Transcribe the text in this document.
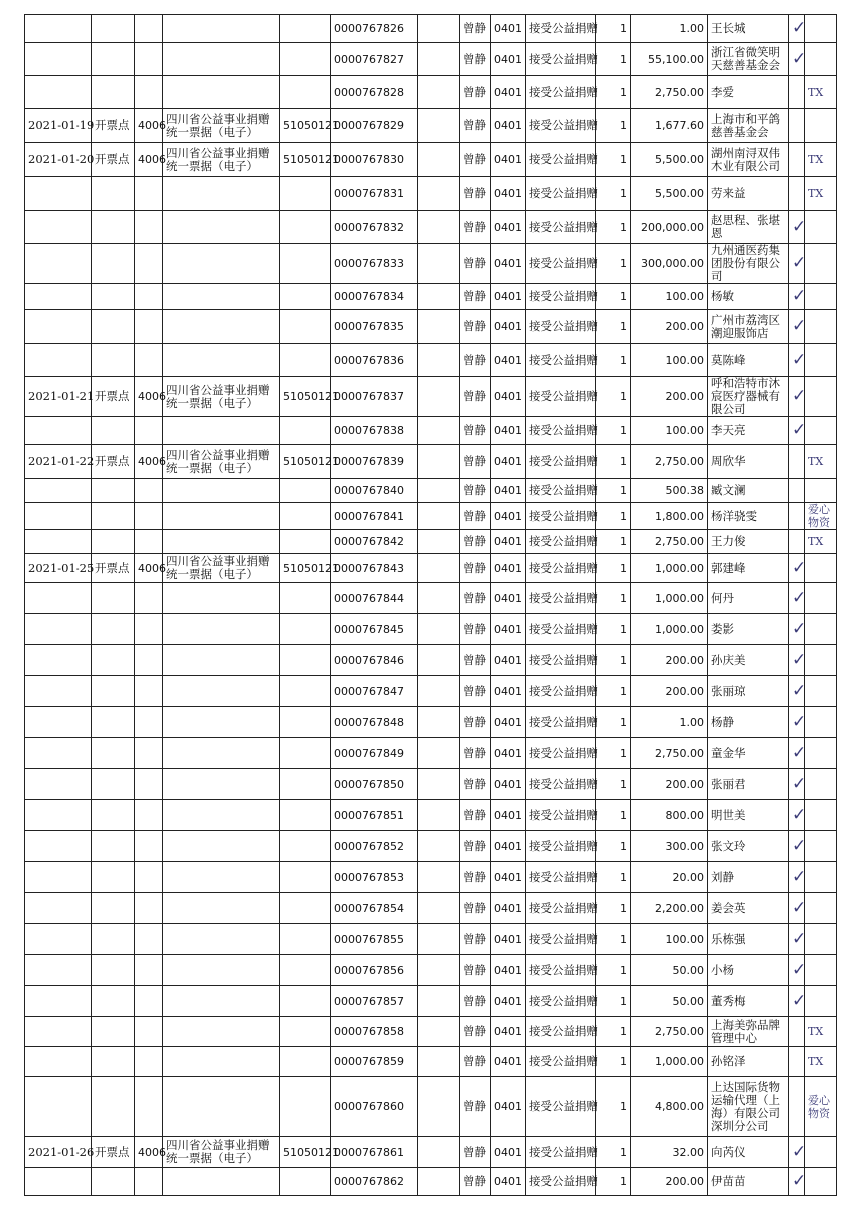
					0000767826		曾静	0401	接受公益捐赠	1	1.00	王长城	✓	
					0000767827		曾静	0401	接受公益捐赠	1	55,100.00	浙江省微笑明天慈善基金会	✓	
					0000767828		曾静	0401	接受公益捐赠	1	2,750.00	李爱		TX
2021-01-19	开票点	4006	四川省公益事业捐赠统一票据（电子）	51050121	0000767829		曾静	0401	接受公益捐赠	1	1,677.60	上海市和平鸽慈善基金会		
2021-01-20	开票点	4006	四川省公益事业捐赠统一票据（电子）	51050121	0000767830		曾静	0401	接受公益捐赠	1	5,500.00	湖州南浔双伟木业有限公司		TX
					0000767831		曾静	0401	接受公益捐赠	1	5,500.00	劳来益		TX
					0000767832		曾静	0401	接受公益捐赠	1	200,000.00	赵思程、张堪恩	✓	
					0000767833		曾静	0401	接受公益捐赠	1	300,000.00	九州通医药集团股份有限公司	✓	
					0000767834		曾静	0401	接受公益捐赠	1	100.00	杨敏	✓	
					0000767835		曾静	0401	接受公益捐赠	1	200.00	广州市荔湾区潮迎服饰店	✓	
					0000767836		曾静	0401	接受公益捐赠	1	100.00	莫陈峰	✓	
2021-01-21	开票点	4006	四川省公益事业捐赠统一票据（电子）	51050121	0000767837		曾静	0401	接受公益捐赠	1	200.00	呼和浩特市沐宸医疗器械有限公司	✓	
					0000767838		曾静	0401	接受公益捐赠	1	100.00	李天亮	✓	
2021-01-22	开票点	4006	四川省公益事业捐赠统一票据（电子）	51050121	0000767839		曾静	0401	接受公益捐赠	1	2,750.00	周欣华		TX
					0000767840		曾静	0401	接受公益捐赠	1	500.38	臧文澜		
					0000767841		曾静	0401	接受公益捐赠	1	1,800.00	杨洋骁雯		爱心物资
					0000767842		曾静	0401	接受公益捐赠	1	2,750.00	王力俊		TX
2021-01-25	开票点	4006	四川省公益事业捐赠统一票据（电子）	51050121	0000767843		曾静	0401	接受公益捐赠	1	1,000.00	郭建峰	✓	
					0000767844		曾静	0401	接受公益捐赠	1	1,000.00	何丹	✓	
					0000767845		曾静	0401	接受公益捐赠	1	1,000.00	娄影	✓	
					0000767846		曾静	0401	接受公益捐赠	1	200.00	孙庆美	✓	
					0000767847		曾静	0401	接受公益捐赠	1	200.00	张丽琼	✓	
					0000767848		曾静	0401	接受公益捐赠	1	1.00	杨静	✓	
					0000767849		曾静	0401	接受公益捐赠	1	2,750.00	童金华	✓	
					0000767850		曾静	0401	接受公益捐赠	1	200.00	张丽君	✓	
					0000767851		曾静	0401	接受公益捐赠	1	800.00	明世美	✓	
					0000767852		曾静	0401	接受公益捐赠	1	300.00	张文玲	✓	
					0000767853		曾静	0401	接受公益捐赠	1	20.00	刘静	✓	
					0000767854		曾静	0401	接受公益捐赠	1	2,200.00	姜会英	✓	
					0000767855		曾静	0401	接受公益捐赠	1	100.00	乐栋强	✓	
					0000767856		曾静	0401	接受公益捐赠	1	50.00	小杨	✓	
					0000767857		曾静	0401	接受公益捐赠	1	50.00	董秀梅	✓	
					0000767858		曾静	0401	接受公益捐赠	1	2,750.00	上海美弥品牌管理中心		TX
					0000767859		曾静	0401	接受公益捐赠	1	1,000.00	孙铭泽		TX
					0000767860		曾静	0401	接受公益捐赠	1	4,800.00	上达国际货物运输代理（上海）有限公司深圳分公司		爱心物资
2021-01-26	开票点	4006	四川省公益事业捐赠统一票据（电子）	51050121	0000767861		曾静	0401	接受公益捐赠	1	32.00	向芮仪	✓	
					0000767862		曾静	0401	接受公益捐赠	1	200.00	伊苗苗	✓	
